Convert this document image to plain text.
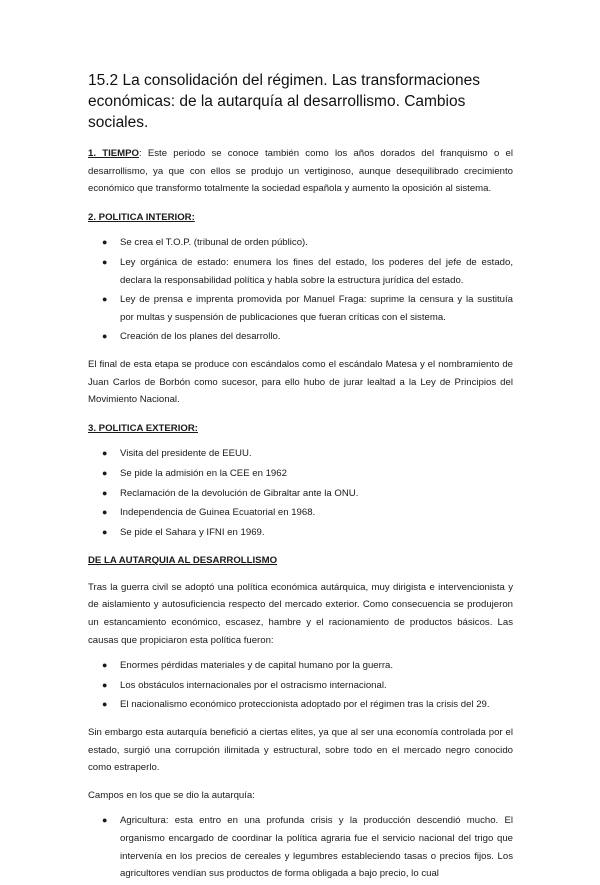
15.2 La consolidación del régimen. Las transformaciones económicas: de la autarquía al desarrollismo. Cambios sociales.

1. TIEMPO: Este periodo se conoce también como los años dorados del franquismo o el desarrollismo, ya que con ellos se produjo un vertiginoso, aunque desequilibrado crecimiento económico que transformo totalmente la sociedad española y aumento la oposición al sistema.

2. POLITICA INTERIOR:

● Se crea el T.O.P. (tribunal de orden público).
● Ley orgánica de estado: enumera los fines del estado, los poderes del jefe de estado, declara la responsabilidad política y habla sobre la estructura jurídica del estado.
● Ley de prensa e imprenta promovida por Manuel Fraga: suprime la censura y la sustituía por multas y suspensión de publicaciones que fueran críticas con el sistema.
● Creación de los planes del desarrollo.

El final de esta etapa se produce con escándalos como el escándalo Matesa y el nombramiento de Juan Carlos de Borbón como sucesor, para ello hubo de jurar lealtad a la Ley de Principios del Movimiento Nacional.

3. POLITICA EXTERIOR:

● Visita del presidente de EEUU.
● Se pide la admisión en la CEE en 1962
● Reclamación de la devolución de Gibraltar ante la ONU.
● Independencia de Guinea Ecuatorial en 1968.
● Se pide el Sahara y IFNI en 1969.

DE LA AUTARQUIA AL DESARROLLISMO

Tras la guerra civil se adoptó una política económica autárquica, muy dirigista e intervencionista y de aislamiento y autosuficiencia respecto del mercado exterior. Como consecuencia se produjeron un estancamiento económico, escasez, hambre y el racionamiento de productos básicos. Las causas que propiciaron esta política fueron:

● Enormes pérdidas materiales y de capital humano por la guerra.
● Los obstáculos internacionales por el ostracismo internacional.
● El nacionalismo económico proteccionista adoptado por el régimen tras la crisis del 29.

Sin embargo esta autarquía benefició a ciertas elites, ya que al ser una economía controlada por el estado, surgió una corrupción ilimitada y estructural, sobre todo en el mercado negro conocido como estraperlo.

Campos en los que se dio la autarquía:

● Agricultura: esta entro en una profunda crisis y la producción descendió mucho. El organismo encargado de coordinar la política agraria fue el servicio nacional del trigo que intervenía en los precios de cereales y legumbres estableciendo tasas o precios fijos. Los agricultores vendían sus productos de forma obligada a bajo precio, lo cual
